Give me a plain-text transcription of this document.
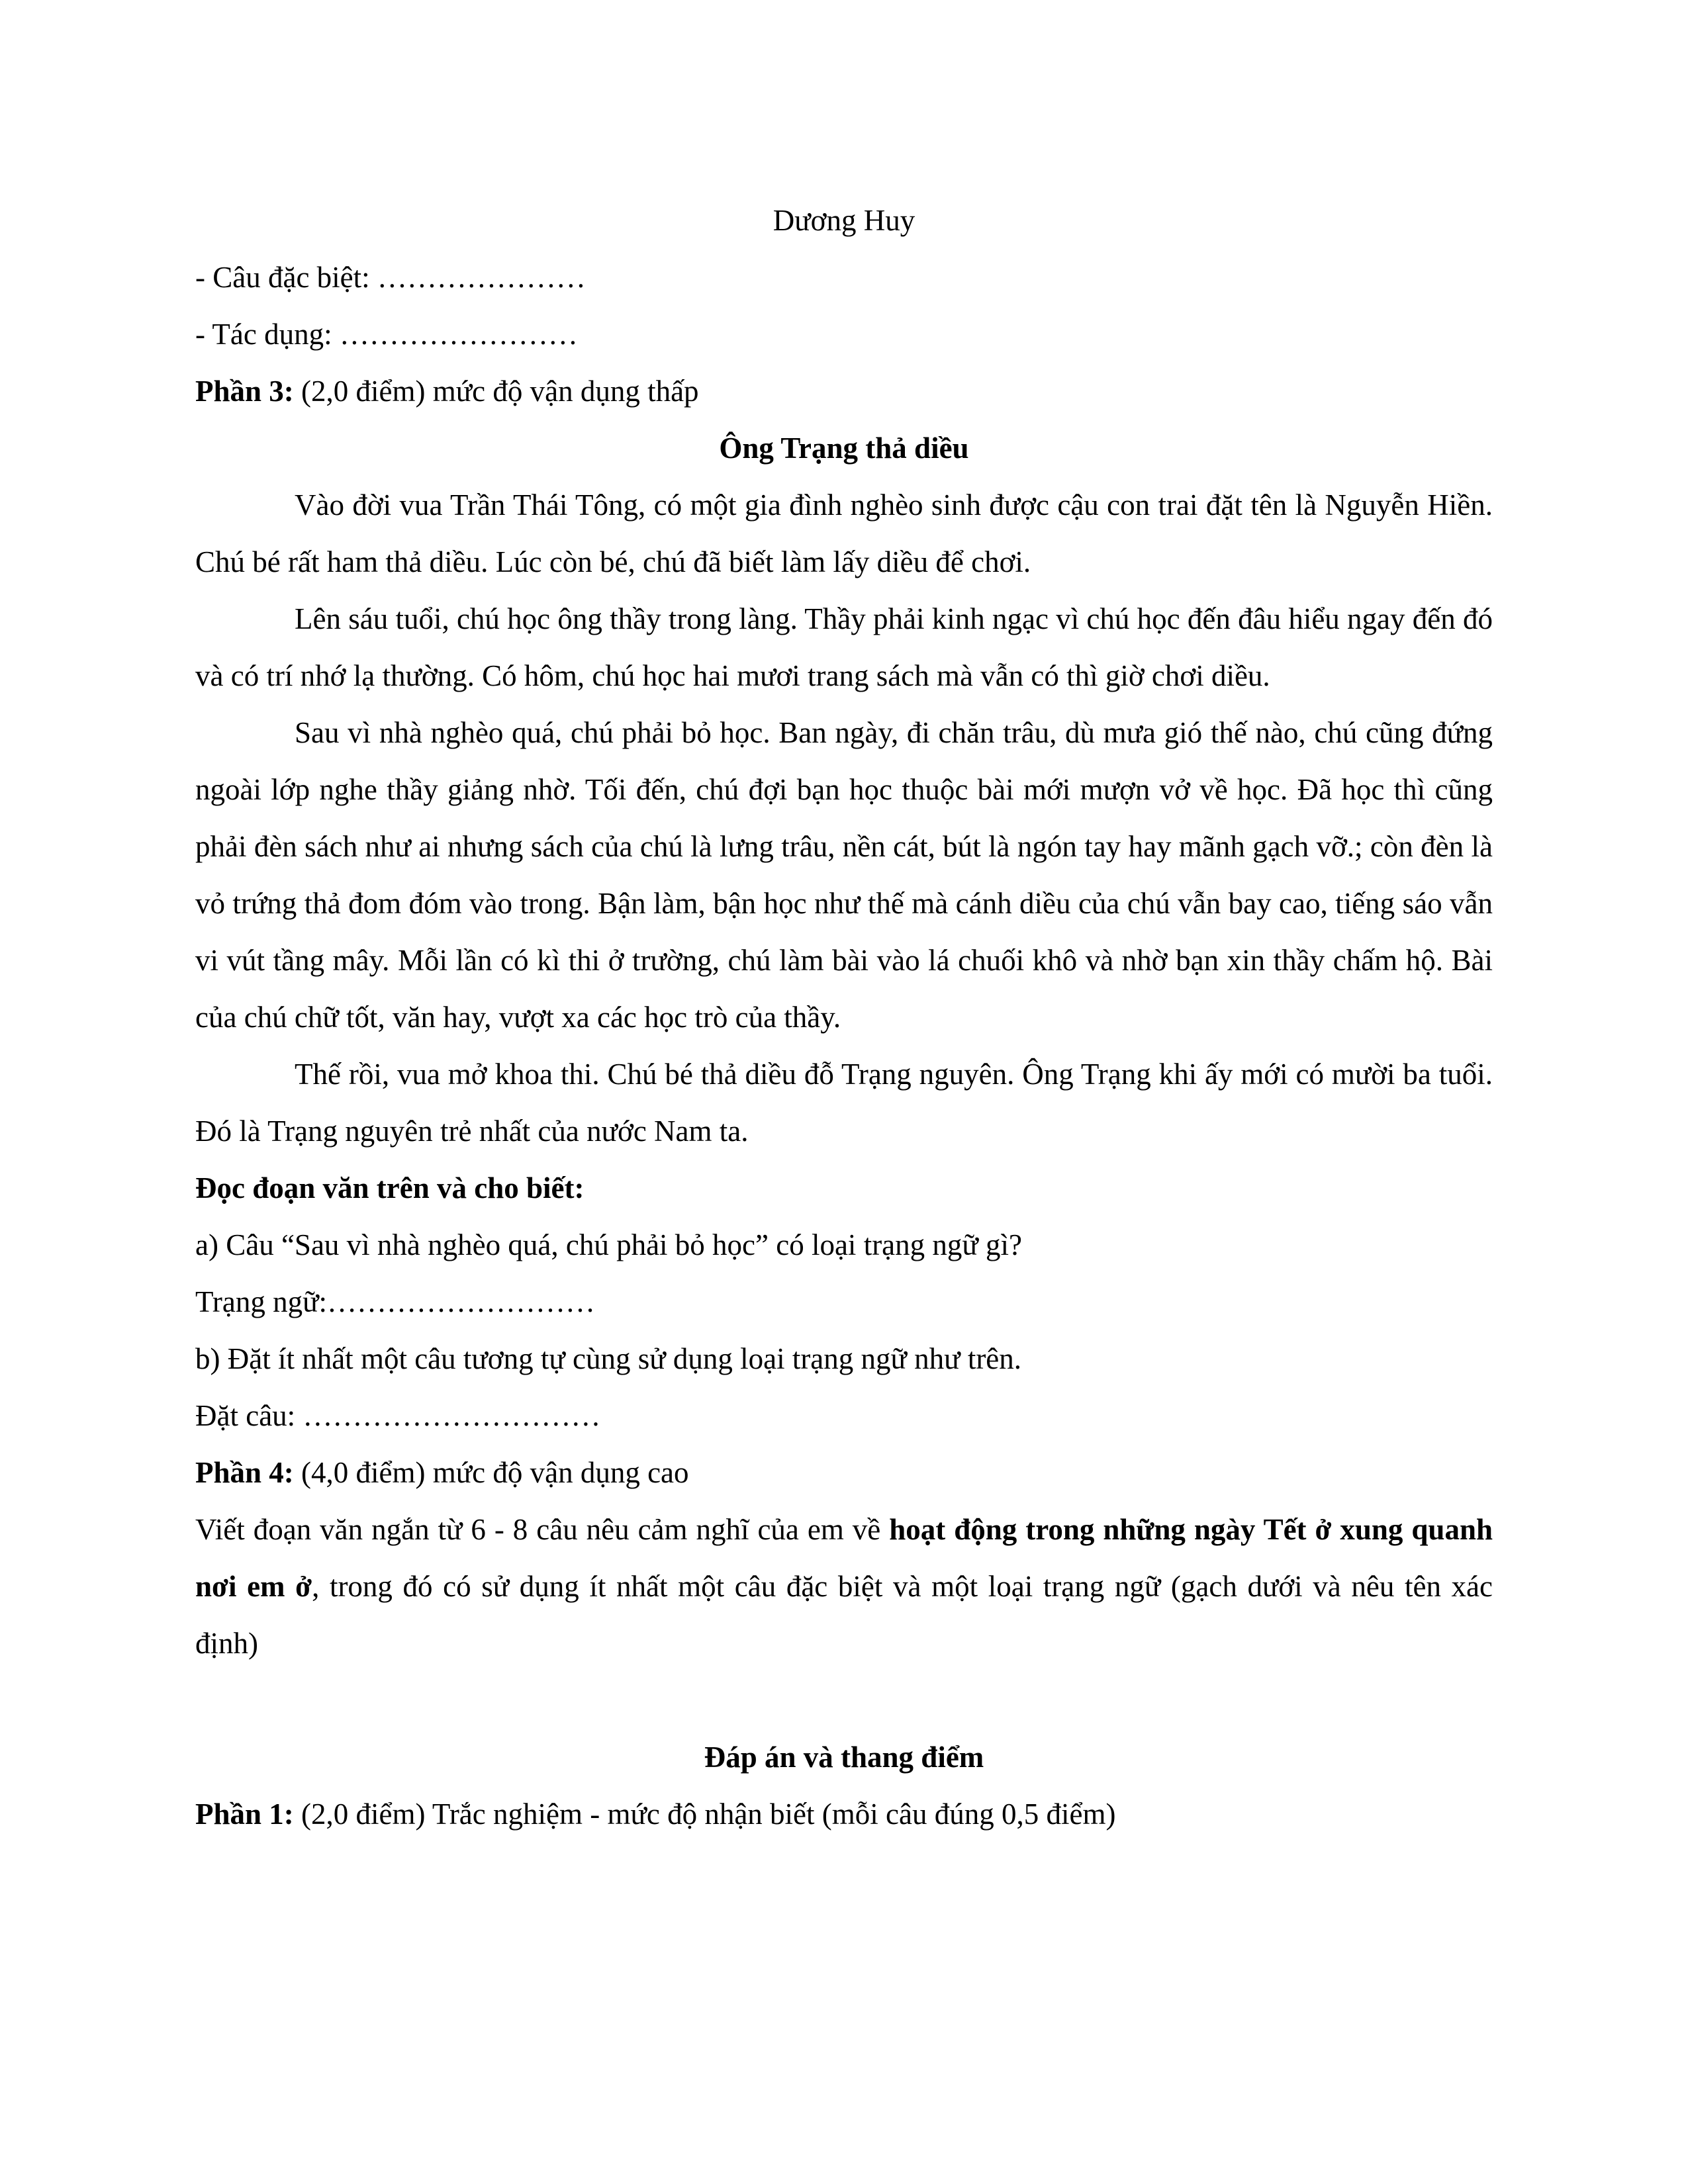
Dương Huy

- Câu đặc biệt: …………………

- Tác dụng: ……………………

Phần 3: (2,0 điểm) mức độ vận dụng thấp

Ông Trạng thả diều

Vào đời vua Trần Thái Tông, có một gia đình nghèo sinh được cậu con trai đặt tên là Nguyễn Hiền. Chú bé rất ham thả diều. Lúc còn bé, chú đã biết làm lấy diều để chơi.

Lên sáu tuổi, chú học ông thầy trong làng. Thầy phải kinh ngạc vì chú học đến đâu hiểu ngay đến đó và có trí nhớ lạ thường. Có hôm, chú học hai mươi trang sách mà vẫn có thì giờ chơi diều.

Sau vì nhà nghèo quá, chú phải bỏ học. Ban ngày, đi chăn trâu, dù mưa gió thế nào, chú cũng đứng ngoài lớp nghe thầy giảng nhờ. Tối đến, chú đợi bạn học thuộc bài mới mượn vở về học. Đã học thì cũng phải đèn sách như ai nhưng sách của chú là lưng trâu, nền cát, bút là ngón tay hay mãnh gạch vỡ.; còn đèn là vỏ trứng thả đom đóm vào trong. Bận làm, bận học như thế mà cánh diều của chú vẫn bay cao, tiếng sáo vẫn vi vút tầng mây. Mỗi lần có kì thi ở trường, chú làm bài vào lá chuối khô và nhờ bạn xin thầy chấm hộ. Bài của chú chữ tốt, văn hay, vượt xa các học trò của thầy.

Thế rồi, vua mở khoa thi. Chú bé thả diều đỗ Trạng nguyên. Ông Trạng khi ấy mới có mười ba tuổi. Đó là Trạng nguyên trẻ nhất của nước Nam ta.

Đọc đoạn văn trên và cho biết:

a) Câu “Sau vì nhà nghèo quá, chú phải bỏ học” có loại trạng ngữ gì?

Trạng ngữ:………………………

b) Đặt ít nhất một câu tương tự cùng sử dụng loại trạng ngữ như trên.

Đặt câu: …………………………

Phần 4: (4,0 điểm) mức độ vận dụng cao

Viết đoạn văn ngắn từ 6 - 8 câu nêu cảm nghĩ của em về hoạt động trong những ngày Tết ở xung quanh nơi em ở, trong đó có sử dụng ít nhất một câu đặc biệt và một loại trạng ngữ (gạch dưới và nêu tên xác định)

Đáp án và thang điểm

Phần 1: (2,0 điểm) Trắc nghiệm - mức độ nhận biết (mỗi câu đúng 0,5 điểm)
